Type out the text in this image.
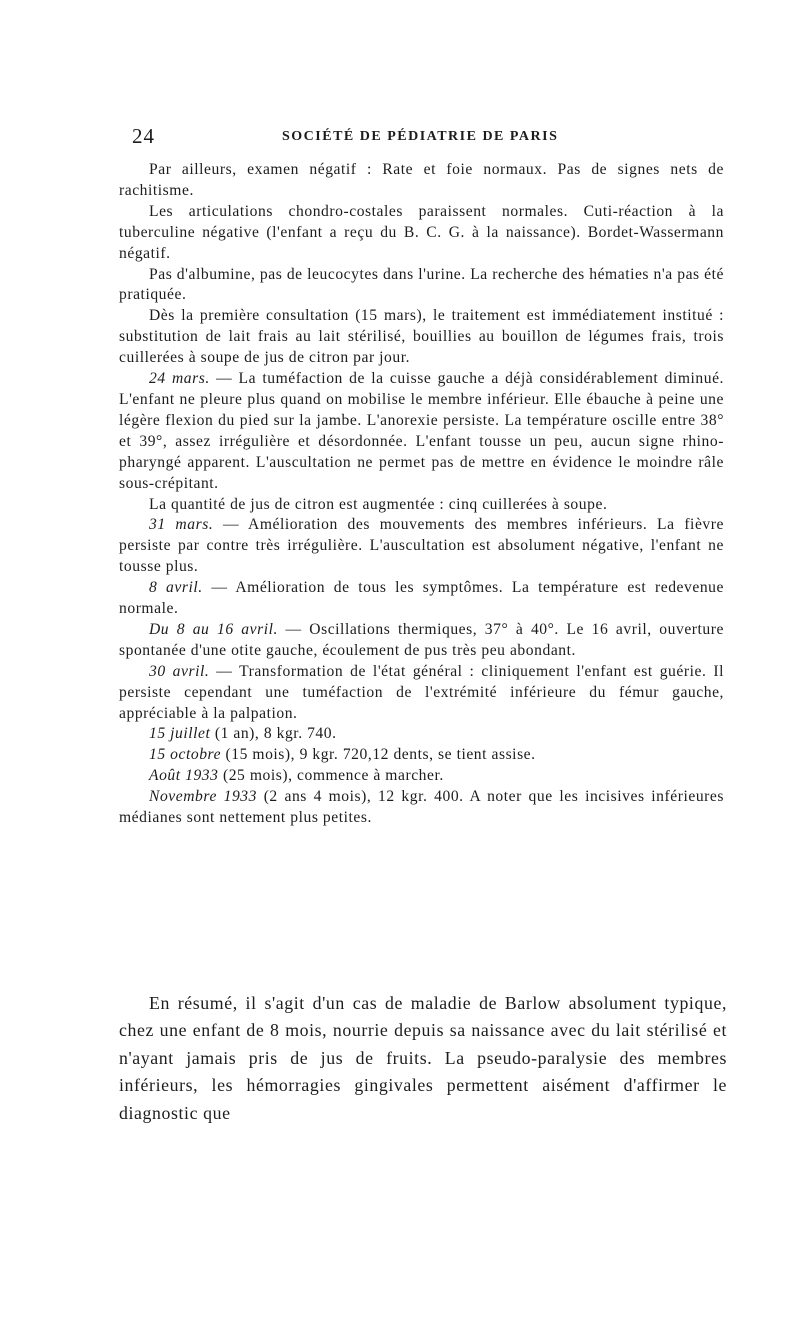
24	SOCIÉTÉ DE PÉDIATRIE DE PARIS

Par ailleurs, examen négatif : Rate et foie normaux. Pas de signes nets de rachitisme.

Les articulations chondro-costales paraissent normales. Cuti-réaction à la tuberculine négative (l'enfant a reçu du B. C. G. à la naissance). Bordet-Wassermann négatif.

Pas d'albumine, pas de leucocytes dans l'urine. La recherche des hématies n'a pas été pratiquée.

Dès la première consultation (15 mars), le traitement est immédiatement institué : substitution de lait frais au lait stérilisé, bouillies au bouillon de légumes frais, trois cuillerées à soupe de jus de citron par jour.

24 mars. — La tuméfaction de la cuisse gauche a déjà considérablement diminué. L'enfant ne pleure plus quand on mobilise le membre inférieur. Elle ébauche à peine une légère flexion du pied sur la jambe. L'anorexie persiste. La température oscille entre 38° et 39°, assez irrégulière et désordonnée. L'enfant tousse un peu, aucun signe rhino-pharyngé apparent. L'auscultation ne permet pas de mettre en évidence le moindre râle sous-crépitant.

La quantité de jus de citron est augmentée : cinq cuillerées à soupe.

31 mars. — Amélioration des mouvements des membres inférieurs. La fièvre persiste par contre très irrégulière. L'auscultation est absolument négative, l'enfant ne tousse plus.

8 avril. — Amélioration de tous les symptômes. La température est redevenue normale.

Du 8 au 16 avril. — Oscillations thermiques, 37° à 40°. Le 16 avril, ouverture spontanée d'une otite gauche, écoulement de pus très peu abondant.

30 avril. — Transformation de l'état général : cliniquement l'enfant est guérie. Il persiste cependant une tuméfaction de l'extrémité inférieure du fémur gauche, appréciable à la palpation.

15 juillet (1 an), 8 kgr. 740.

15 octobre (15 mois), 9 kgr. 720,12 dents, se tient assise.

Août 1933 (25 mois), commence à marcher.

Novembre 1933 (2 ans 4 mois), 12 kgr. 400. A noter que les incisives inférieures médianes sont nettement plus petites.

En résumé, il s'agit d'un cas de maladie de Barlow absolument typique, chez une enfant de 8 mois, nourrie depuis sa naissance avec du lait stérilisé et n'ayant jamais pris de jus de fruits. La pseudo-paralysie des membres inférieurs, les hémorragies gingivales permettent aisément d'affirmer le diagnostic que
